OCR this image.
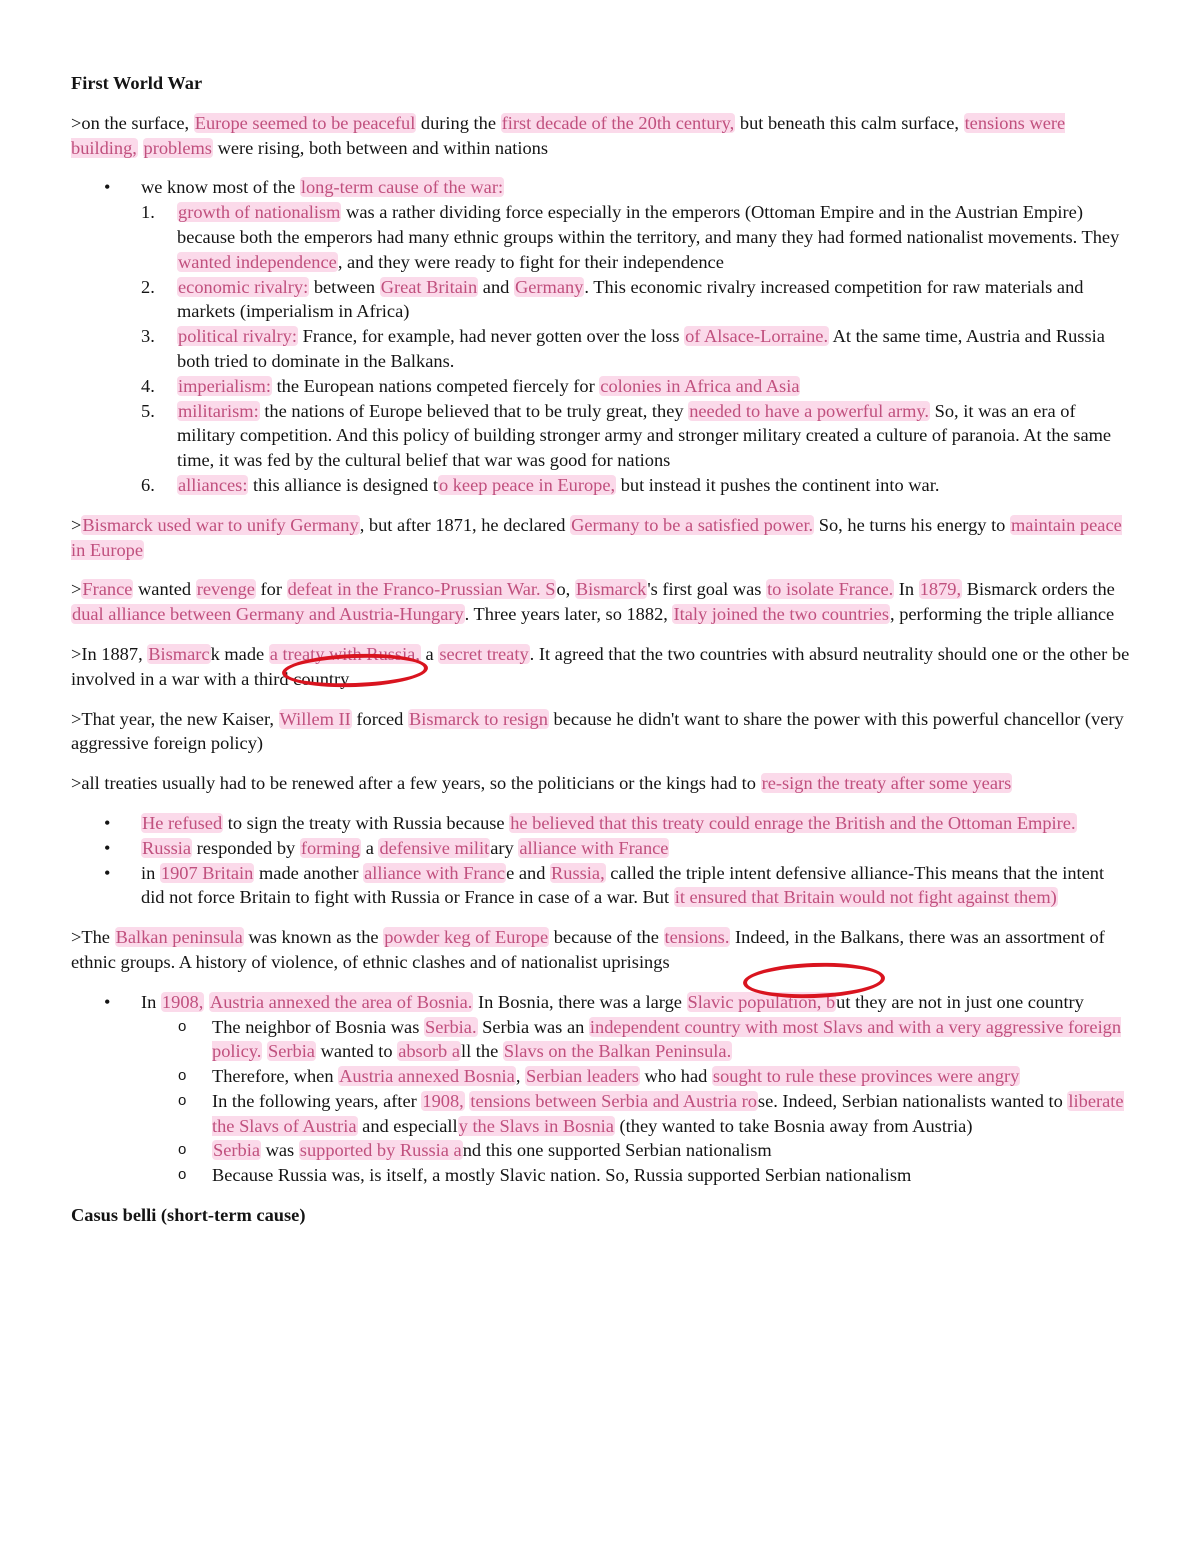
First World War

>on the surface, Europe seemed to be peaceful during the first decade of the 20th century, but beneath this calm surface, tensions were building, problems were rising, both between and within nations

• we know most of the long-term cause of the war:
1.	growth of nationalism was a rather dividing force especially in the emperors (Ottoman Empire and in the Austrian Empire) because both the emperors had many ethnic groups within the territory, and many they had formed nationalist movements. They wanted independence, and they were ready to fight for their independence
2.	economic rivalry: between Great Britain and Germany. This economic rivalry increased competition for raw materials and markets (imperialism in Africa)
3.	political rivalry: France, for example, had never gotten over the loss of Alsace-Lorraine. At the same time, Austria and Russia both tried to dominate in the Balkans.
4.	imperialism: the European nations competed fiercely for colonies in Africa and Asia
5.	militarism: the nations of Europe believed that to be truly great, they needed to have a powerful army. So, it was an era of military competition. And this policy of building stronger army and stronger military created a culture of paranoia. At the same time, it was fed by the cultural belief that war was good for nations
6.	alliances: this alliance is designed to keep peace in Europe, but instead it pushes the continent into war.

>Bismarck used war to unify Germany, but after 1871, he declared Germany to be a satisfied power. So, he turns his energy to maintain peace in Europe

>France wanted revenge for defeat in the Franco-Prussian War. So, Bismarck's first goal was to isolate France. In 1879, Bismarck orders the dual alliance between Germany and Austria-Hungary. Three years later, so 1882, Italy joined the two countries, performing the triple alliance

>In 1887, Bismarck made a treaty with Russia, a secret treaty. It agreed that the two countries with absurd neutrality should one or the other be involved in a war with a third country

>That year, the new Kaiser, Willem II forced Bismarck to resign because he didn't want to share the power with this powerful chancellor (very aggressive foreign policy)

>all treaties usually had to be renewed after a few years, so the politicians or the kings had to re-sign the treaty after some years

• He refused to sign the treaty with Russia because he believed that this treaty could enrage the British and the Ottoman Empire.
• Russia responded by forming a defensive military alliance with France
• in 1907 Britain made another alliance with France and Russia, called the triple intent defensive alliance-This means that the intent did not force Britain to fight with Russia or France in case of a war. But it ensured that Britain would not fight against them)

>The Balkan peninsula was known as the powder keg of Europe because of the tensions. Indeed, in the Balkans, there was an assortment of ethnic groups. A history of violence, of ethnic clashes and of nationalist uprisings

• In 1908, Austria annexed the area of Bosnia. In Bosnia, there was a large Slavic population, but they are not in just one country
o The neighbor of Bosnia was Serbia. Serbia was an independent country with most Slavs and with a very aggressive foreign policy. Serbia wanted to absorb all the Slavs on the Balkan Peninsula.
o Therefore, when Austria annexed Bosnia, Serbian leaders who had sought to rule these provinces were angry
o In the following years, after 1908, tensions between Serbia and Austria rose. Indeed, Serbian nationalists wanted to liberate the Slavs of Austria and especially the Slavs in Bosnia (they wanted to take Bosnia away from Austria)
o Serbia was supported by Russia and this one supported Serbian nationalism
o Because Russia was, is itself, a mostly Slavic nation. So, Russia supported Serbian nationalism

Casus belli (short-term cause)
